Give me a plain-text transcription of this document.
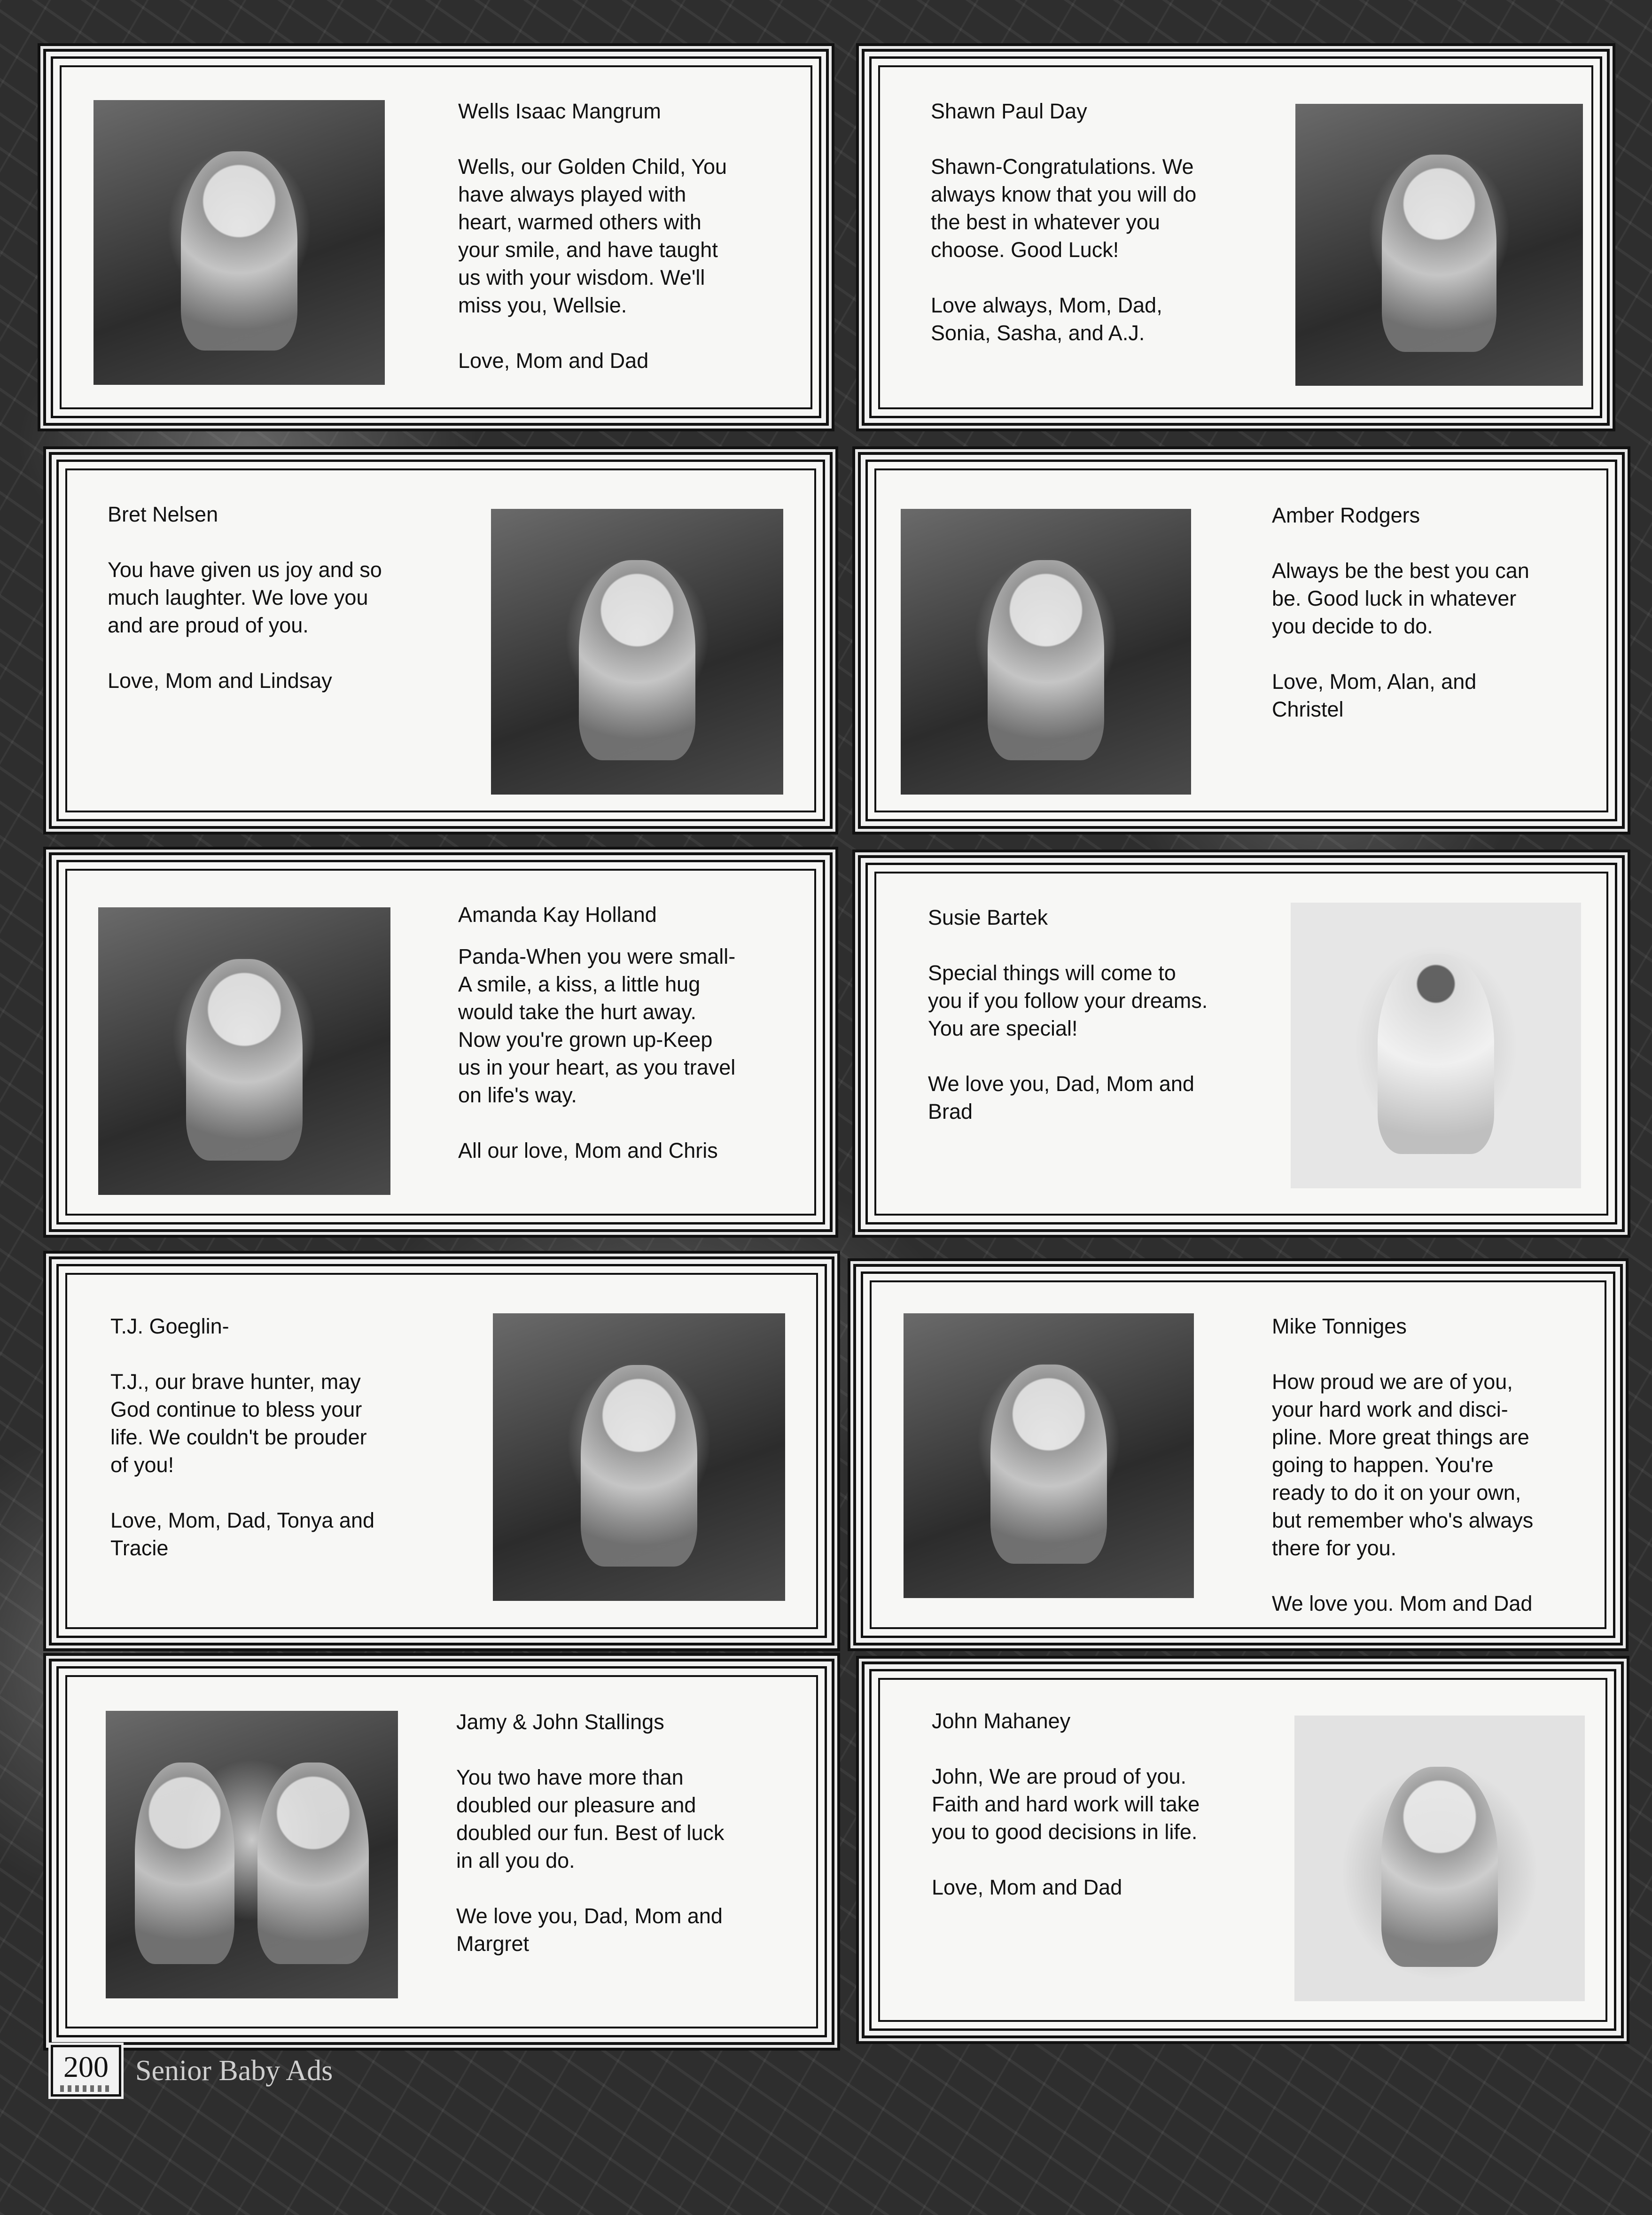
Wells Isaac Mangrum

Wells, our Golden Child, You
have always played with
heart, warmed others with
your smile, and have taught
us with your wisdom. We'll
miss you, Wellsie.

Love, Mom and Dad

Shawn Paul Day

Shawn-Congratulations. We
always know that you will do
the best in whatever you
choose. Good Luck!

Love always, Mom, Dad,
Sonia, Sasha, and A.J.

Bret Nelsen

You have given us joy and so
much laughter. We love you
and are proud of you.

Love, Mom and Lindsay

Amber Rodgers

Always be the best you can
be. Good luck in whatever
you decide to do.

Love, Mom, Alan, and
Christel

Amanda Kay Holland

Panda-When you were small-
A smile, a kiss, a little hug
would take the hurt away.
Now you're grown up-Keep
us in your heart, as you travel
on life's way.

All our love, Mom and Chris

Susie Bartek

Special things will come to
you if you follow your dreams.
You are special!

We love you, Dad, Mom and
Brad

T.J. Goeglin-

T.J., our brave hunter, may
God continue to bless your
life. We couldn't be prouder
of you!

Love, Mom, Dad, Tonya and
Tracie

Mike Tonniges

How proud we are of you,
your hard work and disci-
pline. More great things are
going to happen. You're
ready to do it on your own,
but remember who's always
there for you.

We love you. Mom and Dad

Jamy & John Stallings

You two have more than
doubled our pleasure and
doubled our fun. Best of luck
in all you do.

We love you, Dad, Mom and
Margret

John Mahaney

John, We are proud of you.
Faith and hard work will take
you to good decisions in life.

Love, Mom and Dad

200 Senior Baby Ads
